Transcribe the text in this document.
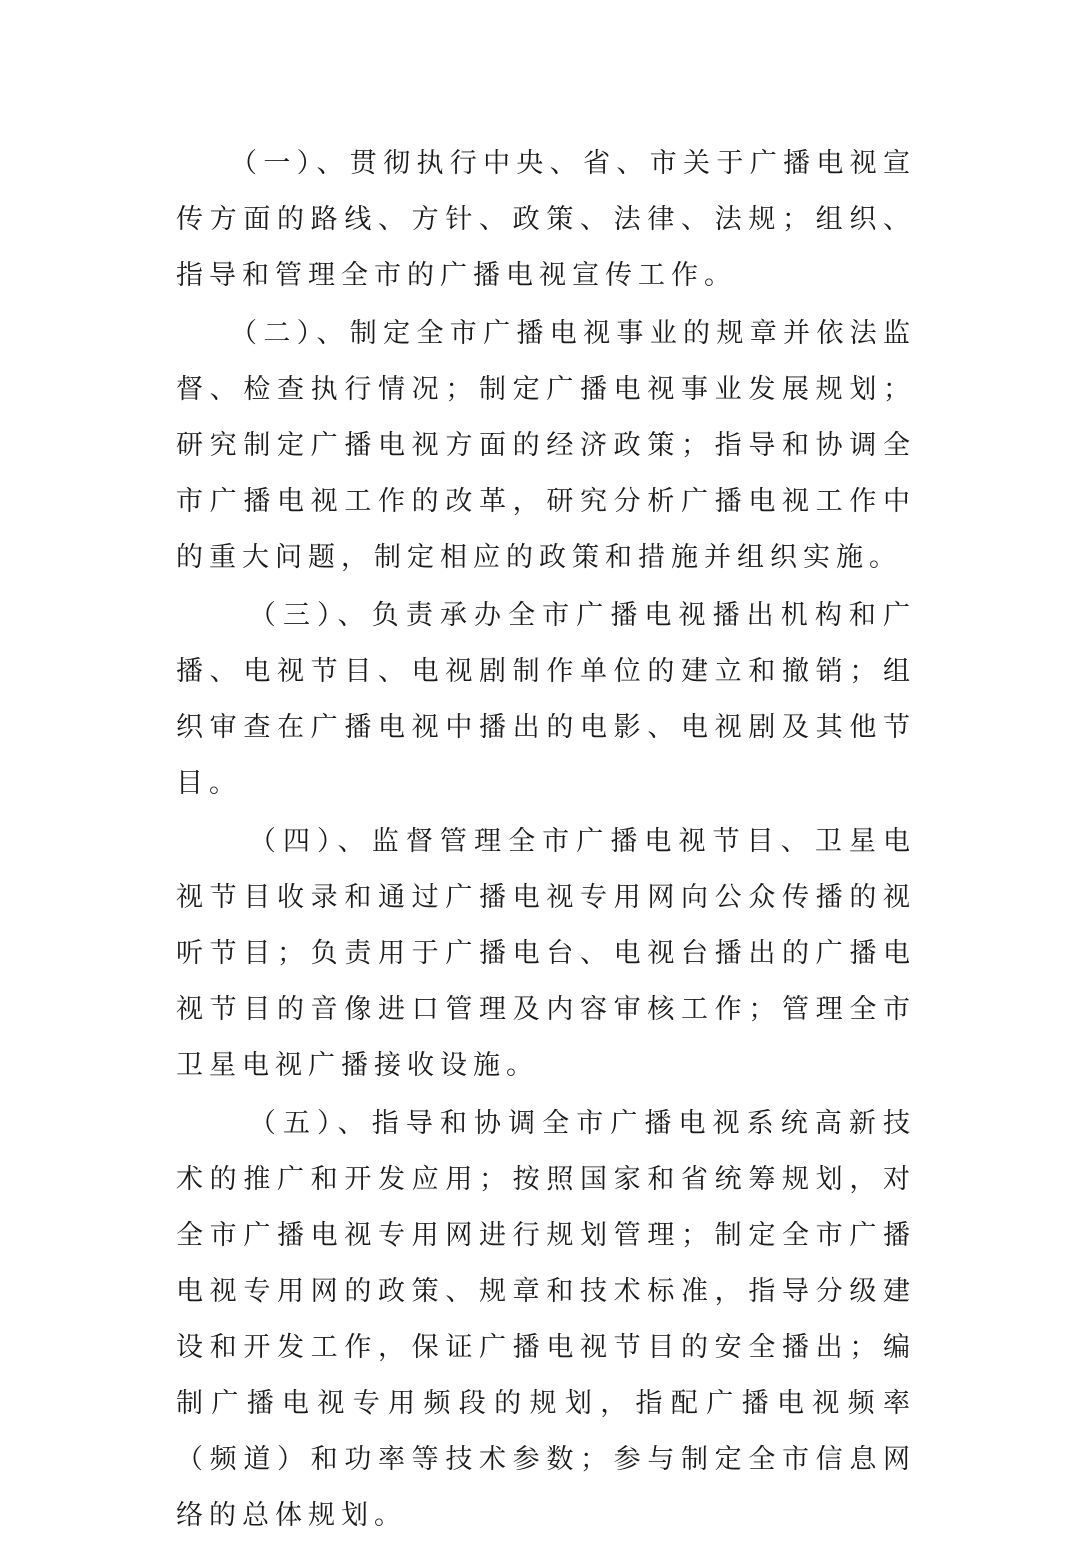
（一）、贯彻执行中央、省、市关于广播电视宣传方面的路线、方针、政策、法律、法规；组织、指导和管理全市的广播电视宣传工作。

（二）、制定全市广播电视事业的规章并依法监督、检查执行情况；制定广播电视事业发展规划；研究制定广播电视方面的经济政策；指导和协调全市广播电视工作的改革，研究分析广播电视工作中的重大问题，制定相应的政策和措施并组织实施。

（三）、负责承办全市广播电视播出机构和广播、电视节目、电视剧制作单位的建立和撤销；组织审查在广播电视中播出的电影、电视剧及其他节目。

（四）、监督管理全市广播电视节目、卫星电视节目收录和通过广播电视专用网向公众传播的视听节目；负责用于广播电台、电视台播出的广播电视节目的音像进口管理及内容审核工作；管理全市卫星电视广播接收设施。

（五）、指导和协调全市广播电视系统高新技术的推广和开发应用；按照国家和省统筹规划，对全市广播电视专用网进行规划管理；制定全市广播电视专用网的政策、规章和技术标准，指导分级建设和开发工作，保证广播电视节目的安全播出；编制广播电视专用频段的规划，指配广播电视频率（频道）和功率等技术参数；参与制定全市信息网络的总体规划。
